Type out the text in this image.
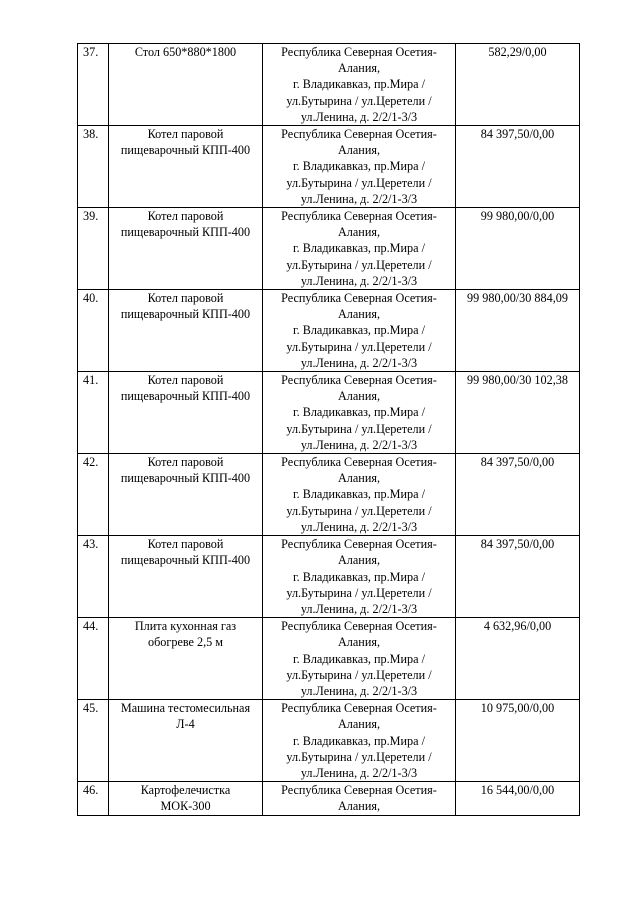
37.	Стол 650*880*1800	Республика Северная Осетия-
Алания,
г. Владикавказ, пр.Мира /
ул.Бутырина / ул.Церетели /
ул.Ленина, д. 2/2/1-3/3	582,29/0,00
38.	Котел паровой
пищеварочный КПП-400	Республика Северная Осетия-
Алания,
г. Владикавказ, пр.Мира /
ул.Бутырина / ул.Церетели /
ул.Ленина, д. 2/2/1-3/3	84 397,50/0,00
39.	Котел паровой
пищеварочный КПП-400	Республика Северная Осетия-
Алания,
г. Владикавказ, пр.Мира /
ул.Бутырина / ул.Церетели /
ул.Ленина, д. 2/2/1-3/3	99 980,00/0,00
40.	Котел паровой
пищеварочный КПП-400	Республика Северная Осетия-
Алания,
г. Владикавказ, пр.Мира /
ул.Бутырина / ул.Церетели /
ул.Ленина, д. 2/2/1-3/3	99 980,00/30 884,09
41.	Котел паровой
пищеварочный КПП-400	Республика Северная Осетия-
Алания,
г. Владикавказ, пр.Мира /
ул.Бутырина / ул.Церетели /
ул.Ленина, д. 2/2/1-3/3	99 980,00/30 102,38
42.	Котел паровой
пищеварочный КПП-400	Республика Северная Осетия-
Алания,
г. Владикавказ, пр.Мира /
ул.Бутырина / ул.Церетели /
ул.Ленина, д. 2/2/1-3/3	84 397,50/0,00
43.	Котел паровой
пищеварочный КПП-400	Республика Северная Осетия-
Алания,
г. Владикавказ, пр.Мира /
ул.Бутырина / ул.Церетели /
ул.Ленина, д. 2/2/1-3/3	84 397,50/0,00
44.	Плита кухонная газ
обогреве 2,5 м	Республика Северная Осетия-
Алания,
г. Владикавказ, пр.Мира /
ул.Бутырина / ул.Церетели /
ул.Ленина, д. 2/2/1-3/3	4 632,96/0,00
45.	Машина тестомесильная
Л-4	Республика Северная Осетия-
Алания,
г. Владикавказ, пр.Мира /
ул.Бутырина / ул.Церетели /
ул.Ленина, д. 2/2/1-3/3	10 975,00/0,00
46.	Картофелечистка
МОК-300	Республика Северная Осетия-
Алания,	16 544,00/0,00
